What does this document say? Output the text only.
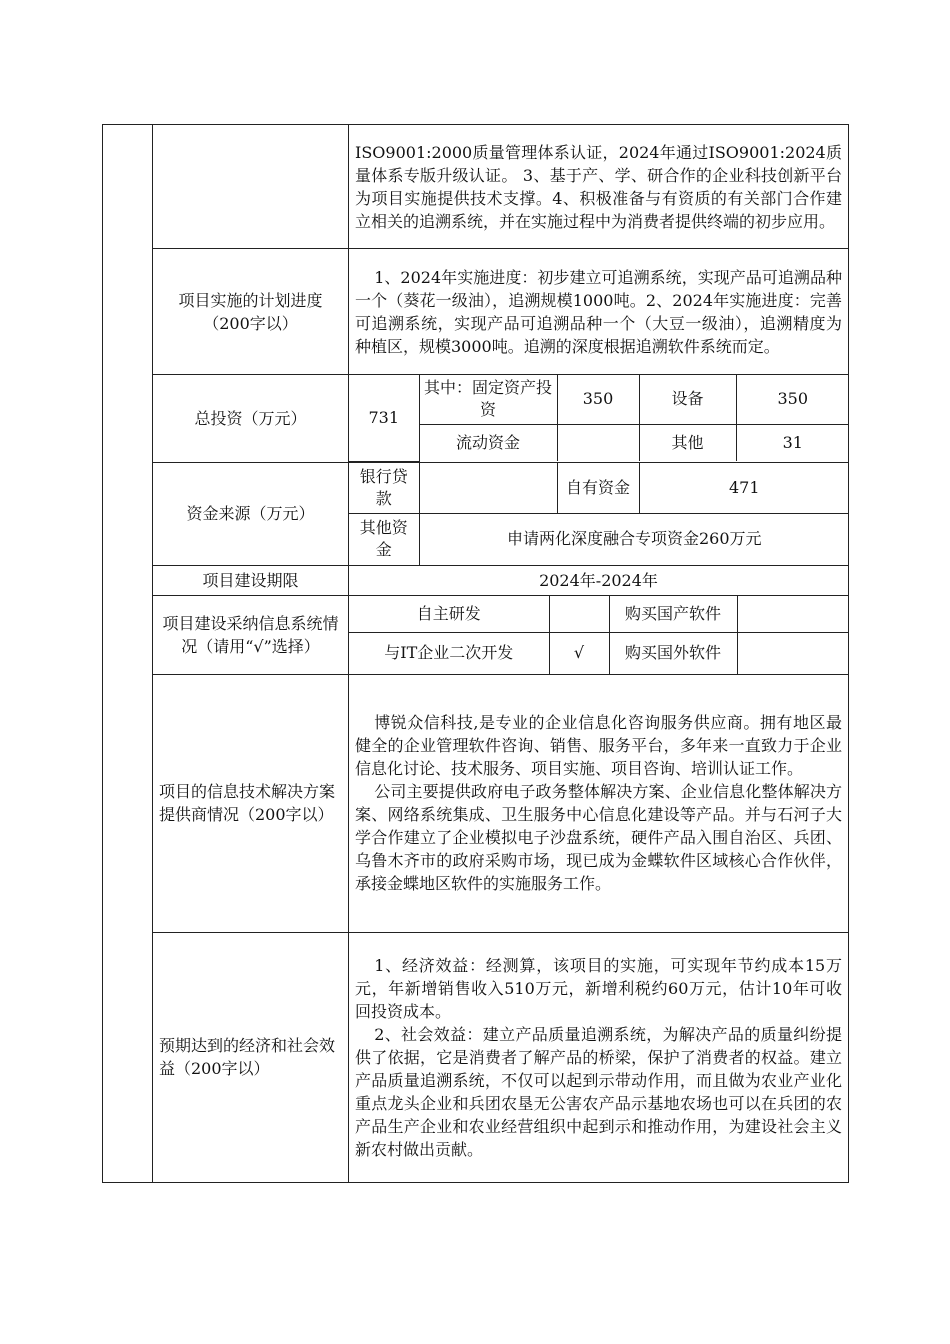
ISO9001:2000质量管理体系认证，2024年通过ISO9001:2024质量体系专版升级认证。 3、基于产、学、研合作的企业科技创新平台为项目实施提供技术支撑。4、积极准备与有资质的有关部门合作建立相关的追溯系统，并在实施过程中为消费者提供终端的初步应用。

项目实施的计划进度（200字以）	

1、2024年实施进度：初步建立可追溯系统，实现产品可追溯品种一个（葵花一级油），追溯规模1000吨。2、2024年实施进度：完善可追溯系统，实现产品可追溯品种一个（大豆一级油），追溯精度为种植区，规模3000吨。追溯的深度根据追溯软件系统而定。

总投资（万元）		731	其中：固定资产投资	350	设备	350
流动资金		其他	31

资金来源（万元）	
银行贷款		自有资金	471
其他资金	申请两化深度融合专项资金260万元

项目建设期限	2024年-2024年
项目建设采纳信息系统情况（请用“√”选择）	
自主研发		购买国产软件	
与IT企业二次开发	√	购买国外软件	

项目的信息技术解决方案提供商情况（200字以）	

博锐众信科技,是专业的企业信息化咨询服务供应商。拥有地区最健全的企业管理软件咨询、销售、服务平台，多年来一直致力于企业信息化讨论、技术服务、项目实施、项目咨询、培训认证工作。

公司主要提供政府电子政务整体解决方案、企业信息化整体解决方案、网络系统集成、卫生服务中心信息化建设等产品。并与石河子大学合作建立了企业模拟电子沙盘系统，硬件产品入围自治区、兵团、乌鲁木齐市的政府采购市场，现已成为金蝶软件区域核心合作伙伴，承接金蝶地区软件的实施服务工作。

预期达到的经济和社会效益（200字以）	

1、经济效益：经测算，该项目的实施，可实现年节约成本15万元，年新增销售收入510万元，新增利税约60万元，估计10年可收回投资成本。

2、社会效益：建立产品质量追溯系统，为解决产品的质量纠纷提供了依据，它是消费者了解产品的桥梁，保护了消费者的权益。建立产品质量追溯系统，不仅可以起到示带动作用，而且做为农业产业化重点龙头企业和兵团农垦无公害农产品示基地农场也可以在兵团的农产品生产企业和农业经营组织中起到示和推动作用，为建设社会主义新农村做出贡献。
